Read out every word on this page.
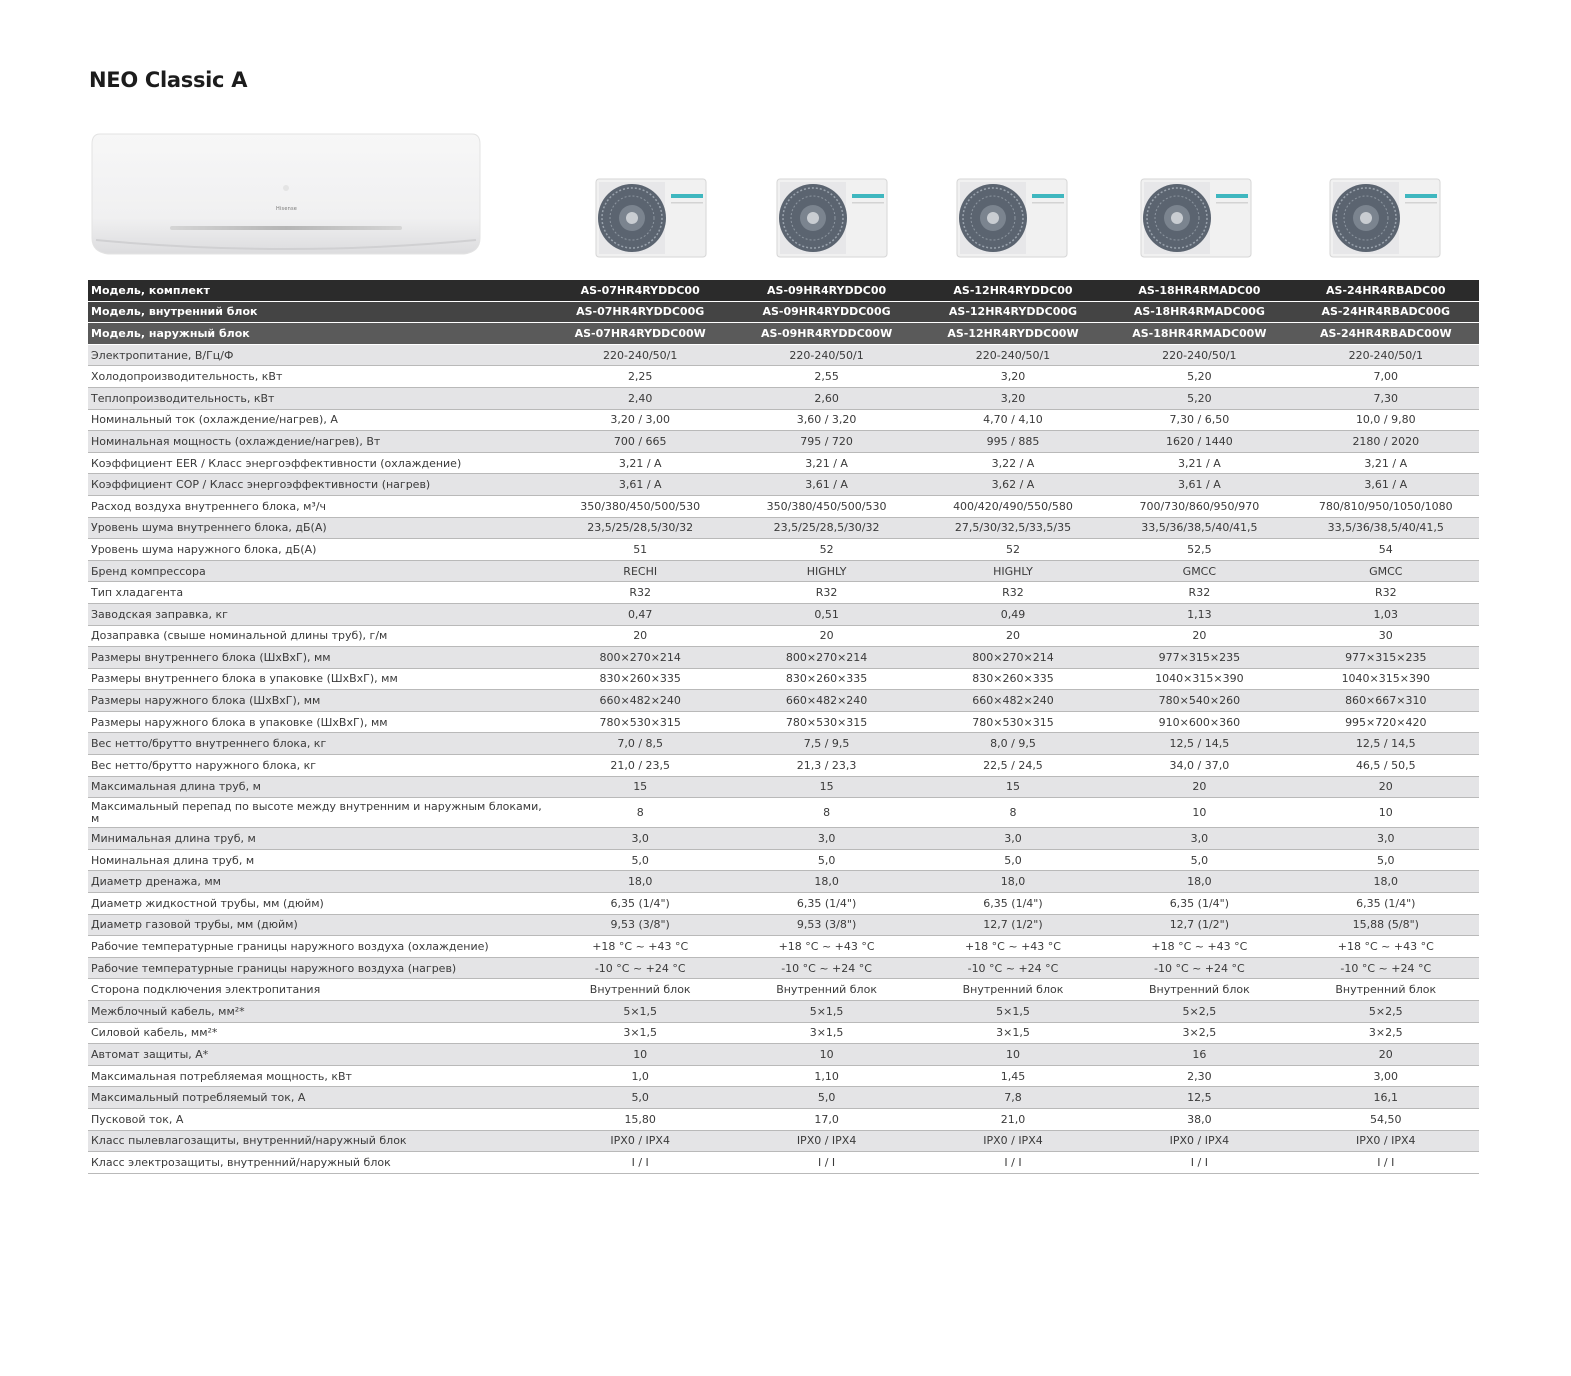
NEO Classic A
Hisense
Модель, комплект	AS-07HR4RYDDC00	AS-09HR4RYDDC00	AS-12HR4RYDDC00	AS-18HR4RMADC00	AS-24HR4RBADC00
Модель, внутренний блок	AS-07HR4RYDDC00G	AS-09HR4RYDDC00G	AS-12HR4RYDDC00G	AS-18HR4RMADC00G	AS-24HR4RBADC00G
Модель, наружный блок	AS-07HR4RYDDC00W	AS-09HR4RYDDC00W	AS-12HR4RYDDC00W	AS-18HR4RMADC00W	AS-24HR4RBADC00W
Электропитание, В/Гц/Ф	220-240/50/1	220-240/50/1	220-240/50/1	220-240/50/1	220-240/50/1
Холодопроизводительность, кВт	2,25	2,55	3,20	5,20	7,00
Теплопроизводительность, кВт	2,40	2,60	3,20	5,20	7,30
Номинальный ток (охлаждение/нагрев), А	3,20 / 3,00	3,60 / 3,20	4,70 / 4,10	7,30 / 6,50	10,0 / 9,80
Номинальная мощность (охлаждение/нагрев), Вт	700 / 665	795 / 720	995 / 885	1620 / 1440	2180 / 2020
Коэффициент EER / Класс энергоэффективности (охлаждение)	3,21 / A	3,21 / A	3,22 / A	3,21 / A	3,21 / A
Коэффициент COP / Класс энергоэффективности (нагрев)	3,61 / A	3,61 / A	3,62 / A	3,61 / A	3,61 / A
Расход воздуха внутреннего блока, м³/ч	350/380/450/500/530	350/380/450/500/530	400/420/490/550/580	700/730/860/950/970	780/810/950/1050/1080
Уровень шума внутреннего блока, дБ(А)	23,5/25/28,5/30/32	23,5/25/28,5/30/32	27,5/30/32,5/33,5/35	33,5/36/38,5/40/41,5	33,5/36/38,5/40/41,5
Уровень шума наружного блока, дБ(А)	51	52	52	52,5	54
Бренд компрессора	RECHI	HIGHLY	HIGHLY	GMCC	GMCC
Тип хладагента	R32	R32	R32	R32	R32
Заводская заправка, кг	0,47	0,51	0,49	1,13	1,03
Дозаправка (свыше номинальной длины труб), г/м	20	20	20	20	30
Размеры внутреннего блока (ШхВхГ), мм	800×270×214	800×270×214	800×270×214	977×315×235	977×315×235
Размеры внутреннего блока в упаковке (ШхВхГ), мм	830×260×335	830×260×335	830×260×335	1040×315×390	1040×315×390
Размеры наружного блока (ШхВхГ), мм	660×482×240	660×482×240	660×482×240	780×540×260	860×667×310
Размеры наружного блока в упаковке (ШхВхГ), мм	780×530×315	780×530×315	780×530×315	910×600×360	995×720×420
Вес нетто/брутто внутреннего блока, кг	7,0 / 8,5	7,5 / 9,5	8,0 / 9,5	12,5 / 14,5	12,5 / 14,5
Вес нетто/брутто наружного блока, кг	21,0 / 23,5	21,3 / 23,3	22,5 / 24,5	34,0 / 37,0	46,5 / 50,5
Максимальная длина труб, м	15	15	15	20	20
Максимальный перепад по высоте между внутренним и наружным блоками, м	8	8	8	10	10
Минимальная длина труб, м	3,0	3,0	3,0	3,0	3,0
Номинальная длина труб, м	5,0	5,0	5,0	5,0	5,0
Диаметр дренажа, мм	18,0	18,0	18,0	18,0	18,0
Диаметр жидкостной трубы, мм (дюйм)	6,35 (1/4")	6,35 (1/4")	6,35 (1/4")	6,35 (1/4")	6,35 (1/4")
Диаметр газовой трубы, мм (дюйм)	9,53 (3/8")	9,53 (3/8")	12,7 (1/2")	12,7 (1/2")	15,88 (5/8")
Рабочие температурные границы наружного воздуха (охлаждение)	+18 °C ~ +43 °C	+18 °C ~ +43 °C	+18 °C ~ +43 °C	+18 °C ~ +43 °C	+18 °C ~ +43 °C
Рабочие температурные границы наружного воздуха (нагрев)	-10 °C ~ +24 °C	-10 °C ~ +24 °C	-10 °C ~ +24 °C	-10 °C ~ +24 °C	-10 °C ~ +24 °C
Сторона подключения электропитания	Внутренний блок	Внутренний блок	Внутренний блок	Внутренний блок	Внутренний блок
Межблочный кабель, мм²*	5×1,5	5×1,5	5×1,5	5×2,5	5×2,5
Силовой кабель, мм²*	3×1,5	3×1,5	3×1,5	3×2,5	3×2,5
Автомат защиты, А*	10	10	10	16	20
Максимальная потребляемая мощность, кВт	1,0	1,10	1,45	2,30	3,00
Максимальный потребляемый ток, А	5,0	5,0	7,8	12,5	16,1
Пусковой ток, А	15,80	17,0	21,0	38,0	54,50
Класс пылевлагозащиты, внутренний/наружный блок	IPX0 / IPX4	IPX0 / IPX4	IPX0 / IPX4	IPX0 / IPX4	IPX0 / IPX4
Класс электрозащиты, внутренний/наружный блок	I / I	I / I	I / I	I / I	I / I
